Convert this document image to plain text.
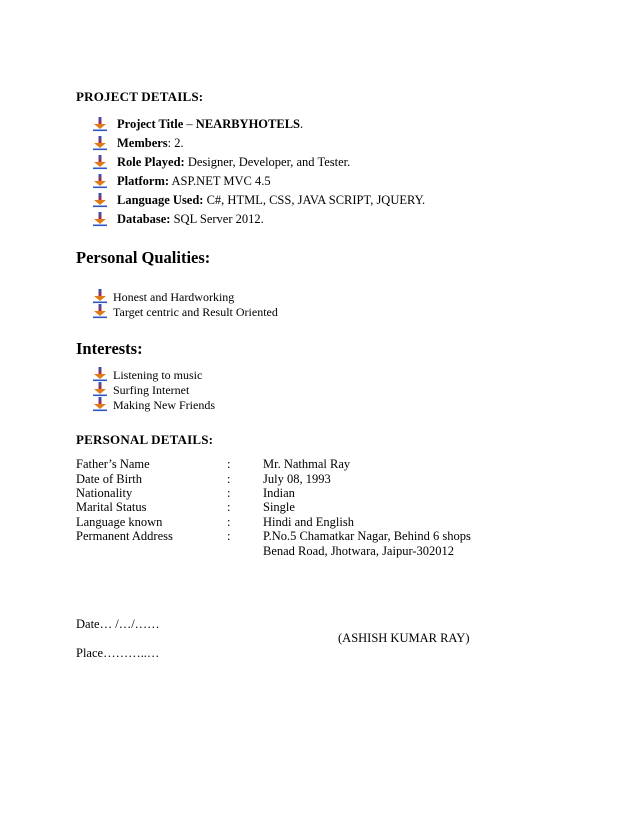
PROJECT DETAILS:
Project Title – NEARBYHOTELS.
Members: 2.
Role Played: Designer, Developer, and Tester.
Platform: ASP.NET MVC 4.5
Language Used: C#, HTML, CSS, JAVA SCRIPT, JQUERY.
Database: SQL Server 2012.
Personal Qualities:
Honest and Hardworking
Target centric and Result Oriented
Interests:
Listening to music
Surfing Internet
Making New Friends
PERSONAL DETAILS:
Father’s Name	:	Mr. Nathmal Ray
Date of Birth	:	July 08, 1993
Nationality	:	Indian
Marital Status	:	Single
Language known	:	Hindi and English
Permanent Address	:	P.No.5 Chamatkar Nagar, Behind 6 shops
Benad Road, Jhotwara, Jaipur-302012
Date… /…/……
(ASHISH KUMAR RAY)
Place………..…
